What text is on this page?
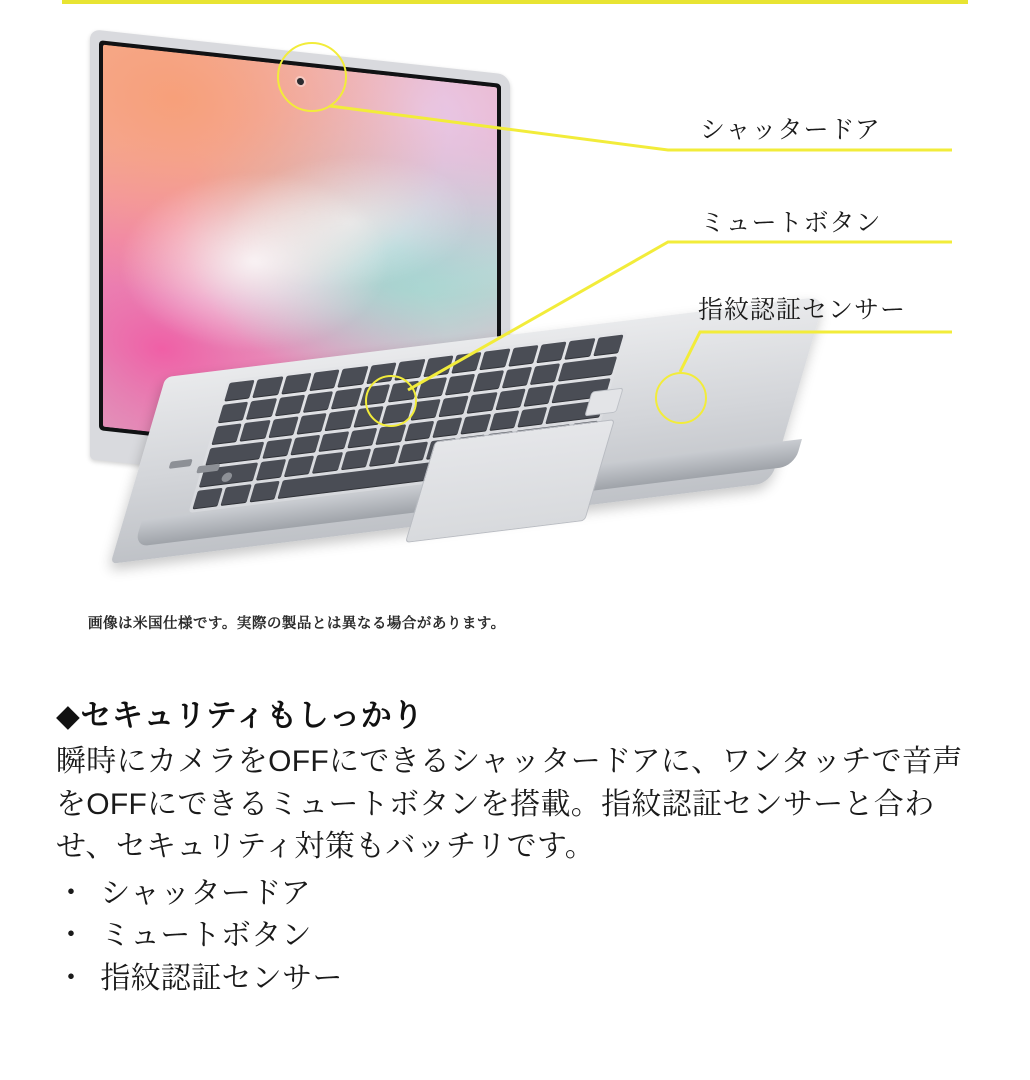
シャッタードア
ミュートボタン
指紋認証センサー
画像は米国仕様です。実際の製品とは異なる場合があります。
◆セキュリティもしっかり

瞬時にカメラをOFFにできるシャッタードアに、ワンタッチで音声をOFFにできるミュートボタンを搭載。指紋認証センサーと合わせ、セキュリティ対策もバッチリです。

・ シャッタードア
・ ミュートボタン
・ 指紋認証センサー
